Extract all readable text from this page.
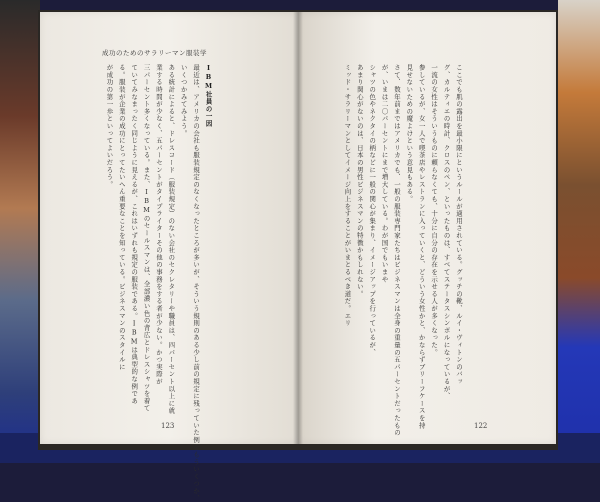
成功のためのサラリーマン服装学
IBM社員の一因
最近は、アメリカの会社も服装規定のなくなったところが多いが、そういう規則のある少し前の規定に残っていた例をもういくつか、
いくつかみてみよう。
ある統計によると、ドレスコード（服装規定）のない会社のセクレタリーや職員は、四パーセント以上に就
業する時間が少なく、五パーセントがタイプライターその他の事務をする者が少ない。かつ実際が
三パーセント多くなっている。また、IBMのセールスマンは、全部濃い色の背広とドレスシャツを着て
ていてみなまったく同じように見えるが、これはいずれも規定の服装である。IBMは典型的な例であ
る。服装が企業の成功にとってたいへん重要なことを知っている。ビジネスマンのスタイルに
が成功の第一歩といってよいだろう。
123
ここでも肌の露出を最小限にというルールが適用されている。グッチの靴、ルイ・ヴィトンのバッ
グ、カルティエの時計、クロスのペン、といったものは、すべてステータスシンボルになっているが、
一流の女性はそういうものに頼らなくても、十分に自分の存在を示せる人が多くなった。
参しているが、女一人で喫茶店やレストランに入っていくと、どういう女性かと、かならずブリーフケースを持
見せないための魔よけという意見もある。
さて、数年前まではアメリカでも、一般の服装専門家たちはビジネスマンは全身の重量の五パーセントだったもの
が、いまは二〇パーセントにまで増大している。わが国でもいまや
シャツの色やネクタイの柄などに一般の関心が集まり、イメージアップを行っているが、
あまり関心がないのは、日本の男性ビジネスマンの特徴かもしれない。
ミッド・サラリーマンとしてイメージ向上をすることがいまとるべき道だ。エリ
122
